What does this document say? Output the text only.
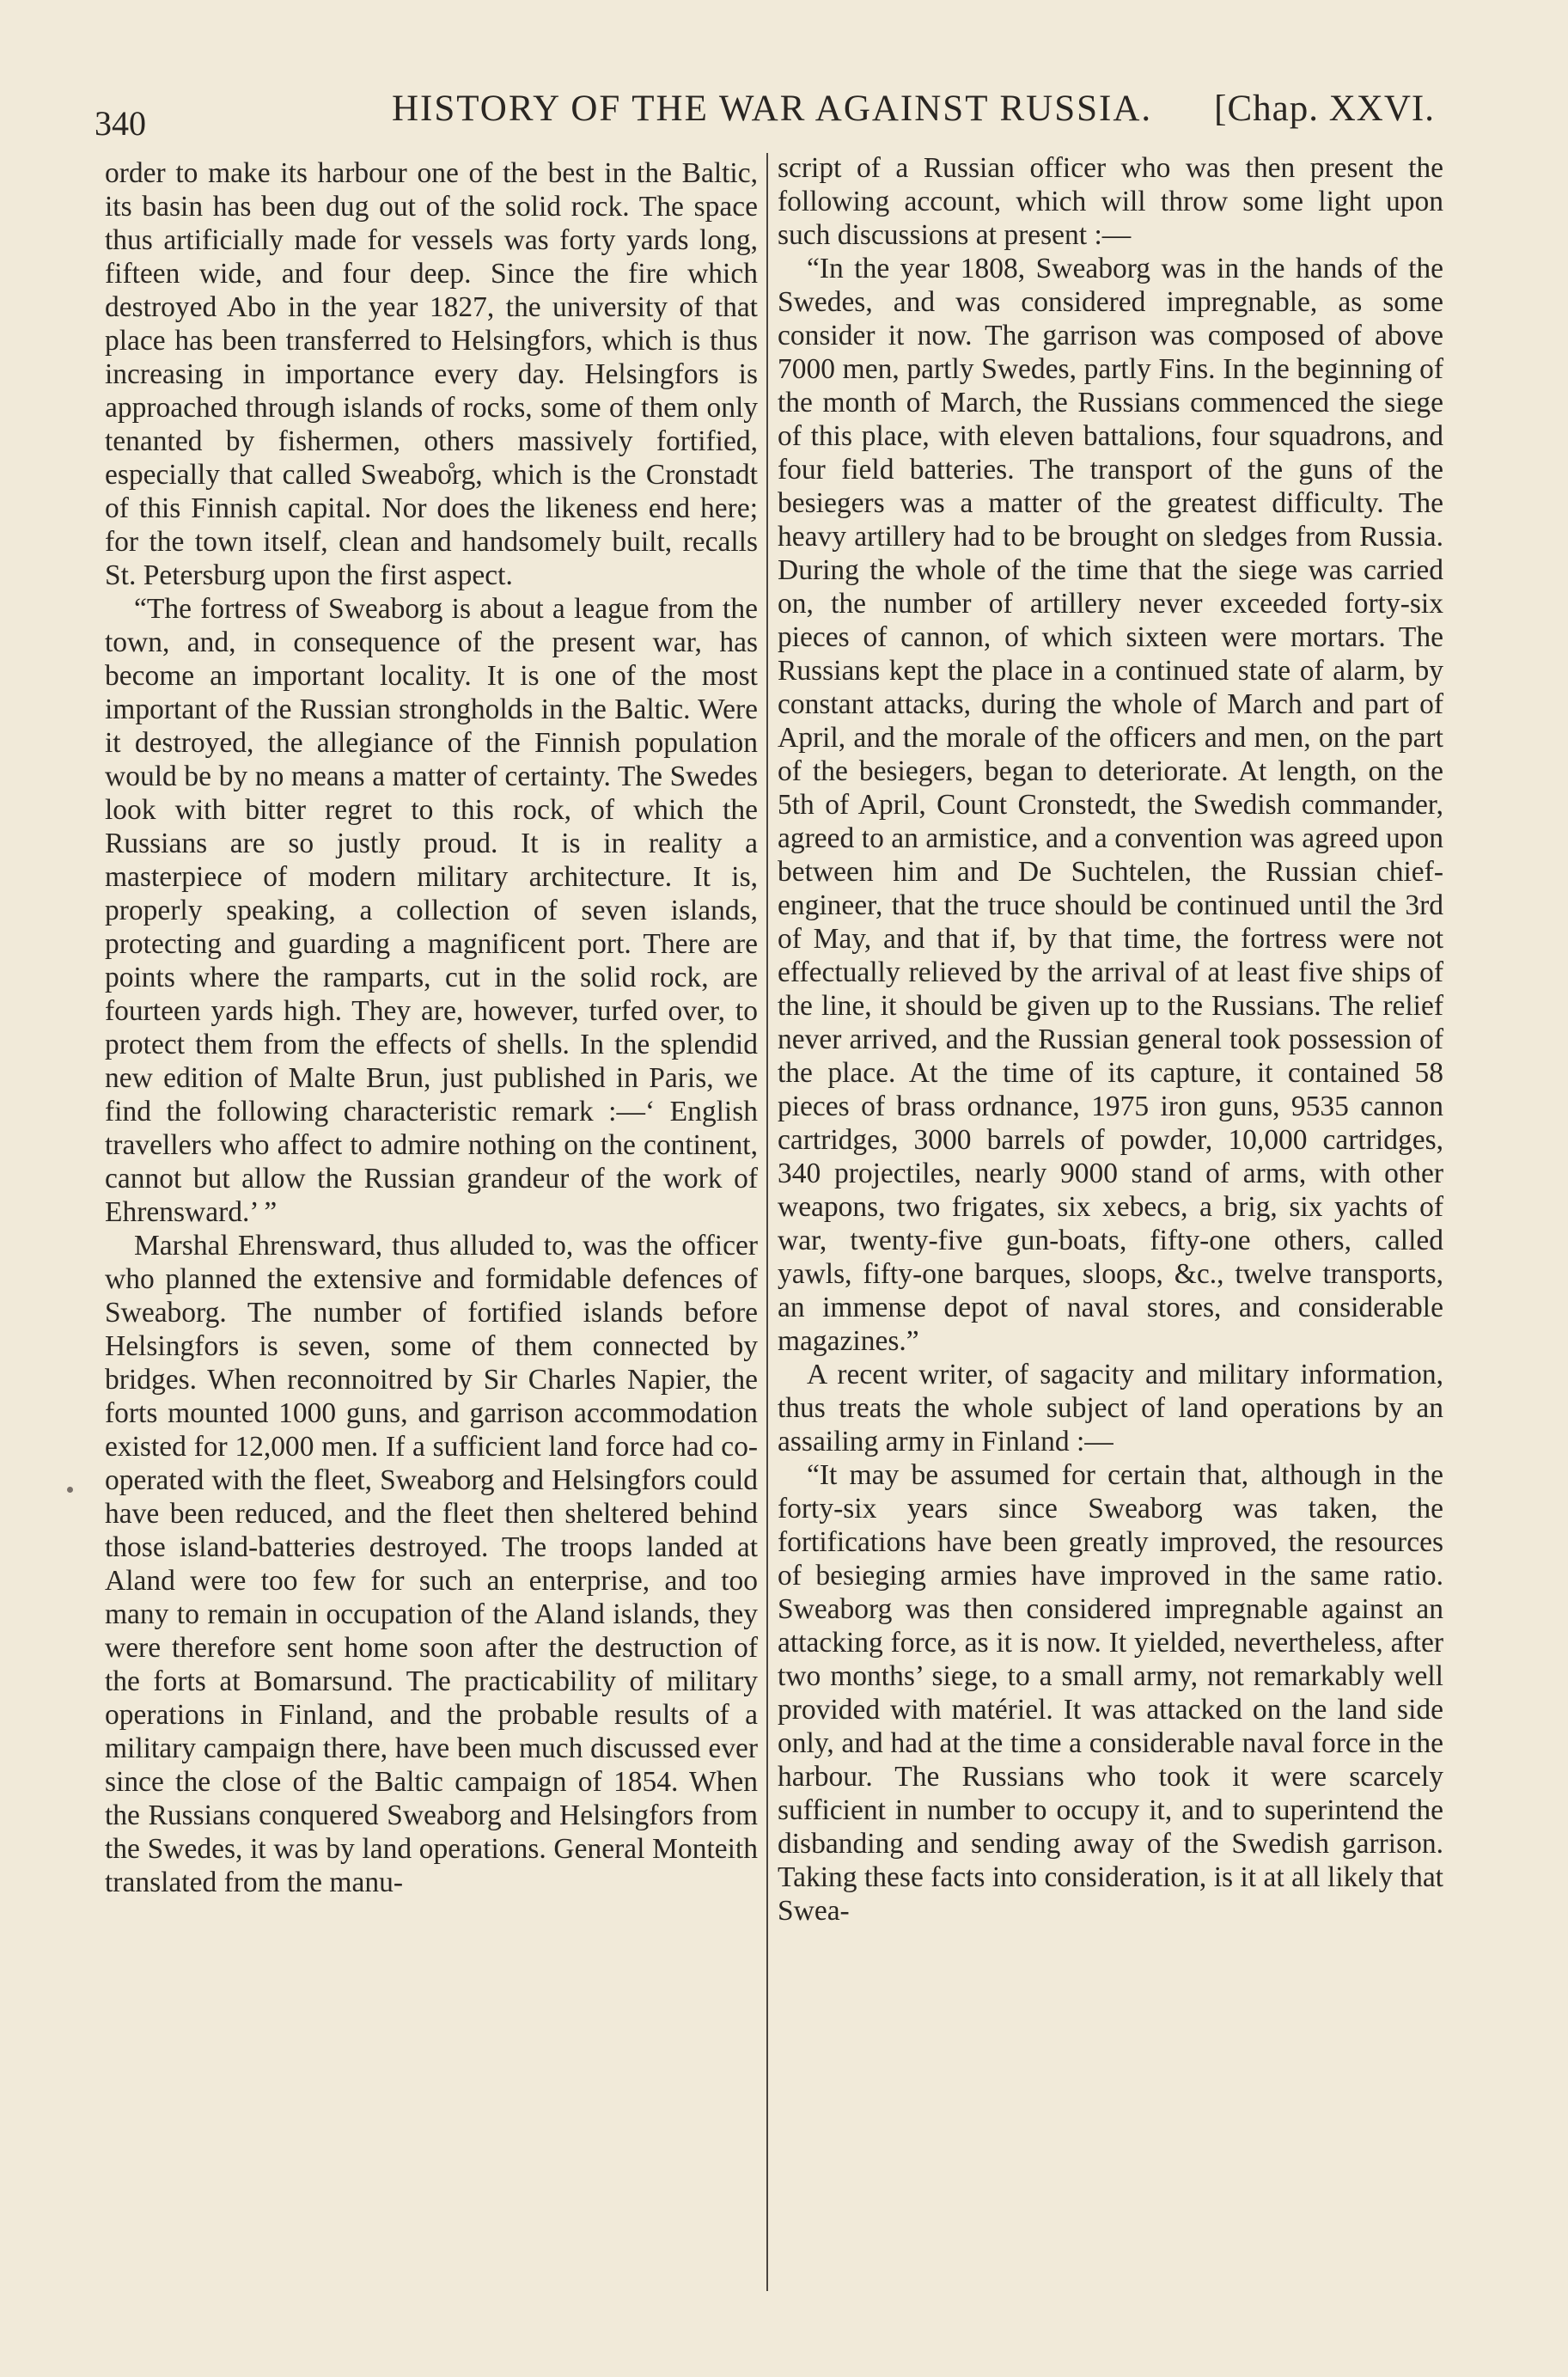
340	HISTORY OF THE WAR AGAINST RUSSIA. [Chap. XXVI.

order to make its harbour one of the best in the Baltic, its basin has been dug out of the solid rock. The space thus artificially made for vessels was forty yards long, fifteen wide, and four deep. Since the fire which destroyed Abo in the year 1827, the university of that place has been transferred to Helsingfors, which is thus increasing in importance every day. Helsingfors is approached through islands of rocks, some of them only tenanted by fishermen, others massively fortified, especially that called Sweabo̊rg, which is the Cronstadt of this Finnish capital. Nor does the likeness end here; for the town itself, clean and handsomely built, recalls St. Petersburg upon the first aspect.

“The fortress of Sweaborg is about a league from the town, and, in consequence of the present war, has become an important locality. It is one of the most important of the Russian strongholds in the Baltic. Were it destroyed, the allegiance of the Finnish population would be by no means a matter of certainty. The Swedes look with bitter regret to this rock, of which the Russians are so justly proud. It is in reality a masterpiece of modern military architecture. It is, properly speaking, a collection of seven islands, protecting and guarding a magnificent port. There are points where the ramparts, cut in the solid rock, are fourteen yards high. They are, however, turfed over, to protect them from the effects of shells. In the splendid new edition of Malte Brun, just published in Paris, we find the following characteristic remark :—‘ English travellers who affect to admire nothing on the continent, cannot but allow the Russian grandeur of the work of Ehrensward.’ ”

Marshal Ehrensward, thus alluded to, was the officer who planned the extensive and formidable defences of Sweaborg. The number of fortified islands before Helsingfors is seven, some of them connected by bridges. When reconnoitred by Sir Charles Napier, the forts mounted 1000 guns, and garrison accommodation existed for 12,000 men. If a sufficient land force had co-operated with the fleet, Sweaborg and Helsingfors could have been reduced, and the fleet then sheltered behind those island-batteries destroyed. The troops landed at Aland were too few for such an enterprise, and too many to remain in occupation of the Aland islands, they were therefore sent home soon after the destruction of the forts at Bomarsund. The practicability of military operations in Finland, and the probable results of a military campaign there, have been much discussed ever since the close of the Baltic campaign of 1854. When the Russians conquered Sweaborg and Helsingfors from the Swedes, it was by land operations. General Monteith translated from the manu-

script of a Russian officer who was then present the following account, which will throw some light upon such discussions at present :—

“In the year 1808, Sweaborg was in the hands of the Swedes, and was considered impregnable, as some consider it now. The garrison was composed of above 7000 men, partly Swedes, partly Fins. In the beginning of the month of March, the Russians commenced the siege of this place, with eleven battalions, four squadrons, and four field batteries. The transport of the guns of the besiegers was a matter of the greatest difficulty. The heavy artillery had to be brought on sledges from Russia. During the whole of the time that the siege was carried on, the number of artillery never exceeded forty-six pieces of cannon, of which sixteen were mortars. The Russians kept the place in a continued state of alarm, by constant attacks, during the whole of March and part of April, and the morale of the officers and men, on the part of the besiegers, began to deteriorate. At length, on the 5th of April, Count Cronstedt, the Swedish commander, agreed to an armistice, and a convention was agreed upon between him and De Suchtelen, the Russian chief-engineer, that the truce should be continued until the 3rd of May, and that if, by that time, the fortress were not effectually relieved by the arrival of at least five ships of the line, it should be given up to the Russians. The relief never arrived, and the Russian general took possession of the place. At the time of its capture, it contained 58 pieces of brass ordnance, 1975 iron guns, 9535 cannon cartridges, 3000 barrels of powder, 10,000 cartridges, 340 projectiles, nearly 9000 stand of arms, with other weapons, two frigates, six xebecs, a brig, six yachts of war, twenty-five gun-boats, fifty-one others, called yawls, fifty-one barques, sloops, &c., twelve transports, an immense depot of naval stores, and considerable magazines.”

A recent writer, of sagacity and military information, thus treats the whole subject of land operations by an assailing army in Finland :—

“It may be assumed for certain that, although in the forty-six years since Sweaborg was taken, the fortifications have been greatly improved, the resources of besieging armies have improved in the same ratio. Sweaborg was then considered impregnable against an attacking force, as it is now. It yielded, nevertheless, after two months’ siege, to a small army, not remarkably well provided with matériel. It was attacked on the land side only, and had at the time a considerable naval force in the harbour. The Russians who took it were scarcely sufficient in number to occupy it, and to superintend the disbanding and sending away of the Swedish garrison. Taking these facts into consideration, is it at all likely that Swea-
